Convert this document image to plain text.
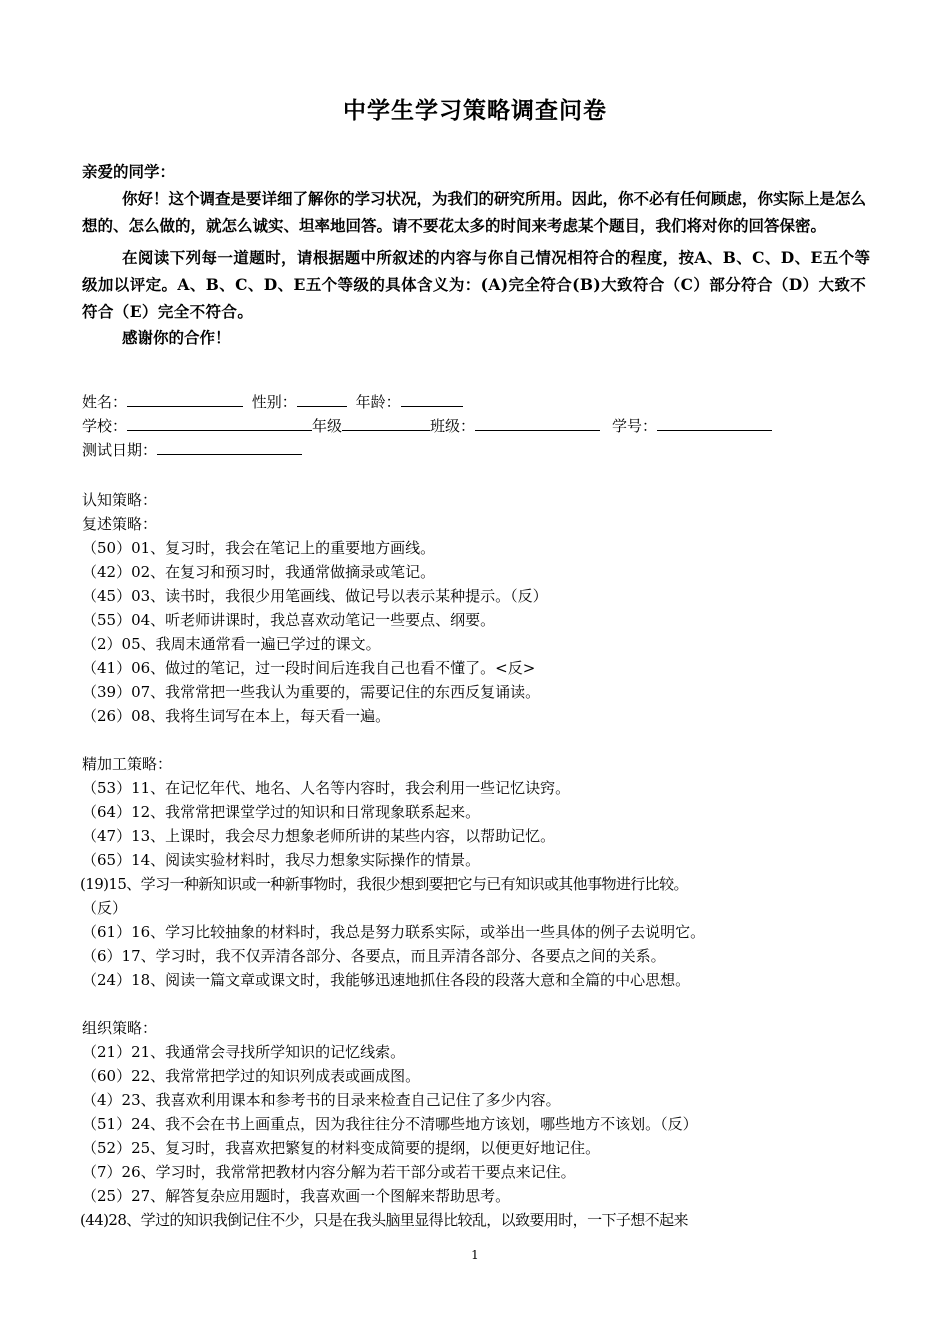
中学生学习策略调查问卷

亲爱的同学：

你好！这个调查是要详细了解你的学习状况，为我们的研究所用。因此，你不必有任何顾虑，你实际上是怎么想的、怎么做的，就怎么诚实、坦率地回答。请不要花太多的时间来考虑某个题目，我们将对你的回答保密。

在阅读下列每一道题时，请根据题中所叙述的内容与你自己情况相符合的程度，按A、B、C、D、E五个等级加以评定。A、B、C、D、E五个等级的具体含义为：(A)完全符合(B)大致符合（C）部分符合（D）大致不符合（E）完全不符合。

感谢你的合作！

姓名：	性别：	年龄：
学校：	年级	班级：	学号：
测试日期：
认知策略：
复述策略：
（50）01、复习时，我会在笔记上的重要地方画线。
（42）02、在复习和预习时，我通常做摘录或笔记。
（45）03、读书时，我很少用笔画线、做记号以表示某种提示。（反）
（55）04、听老师讲课时，我总喜欢动笔记一些要点、纲要。
（2）05、我周末通常看一遍已学过的课文。
（41）06、做过的笔记，过一段时间后连我自己也看不懂了。<反>
（39）07、我常常把一些我认为重要的，需要记住的东西反复诵读。
（26）08、我将生词写在本上，每天看一遍。
精加工策略：
（53）11、在记忆年代、地名、人名等内容时，我会利用一些记忆诀窍。
（64）12、我常常把课堂学过的知识和日常现象联系起来。
（47）13、上课时，我会尽力想象老师所讲的某些内容，以帮助记忆。
（65）14、阅读实验材料时，我尽力想象实际操作的情景。
(19)15、学习一种新知识或一种新事物时，我很少想到要把它与已有知识或其他事物进行比较。
（反）
（61）16、学习比较抽象的材料时，我总是努力联系实际，或举出一些具体的例子去说明它。
（6）17、学习时，我不仅弄清各部分、各要点，而且弄清各部分、各要点之间的关系。
（24）18、阅读一篇文章或课文时，我能够迅速地抓住各段的段落大意和全篇的中心思想。
组织策略：
（21）21、我通常会寻找所学知识的记忆线索。
（60）22、我常常把学过的知识列成表或画成图。
（4）23、我喜欢利用课本和参考书的目录来检查自己记住了多少内容。
（51）24、我不会在书上画重点，因为我往往分不清哪些地方该划，哪些地方不该划。（反）
（52）25、复习时，我喜欢把繁复的材料变成简要的提纲，以便更好地记住。
（7）26、学习时，我常常把教材内容分解为若干部分或若干要点来记住。
（25）27、解答复杂应用题时，我喜欢画一个图解来帮助思考。
(44)28、学过的知识我倒记住不少，只是在我头脑里显得比较乱，以致要用时，一下子想不起来
1
